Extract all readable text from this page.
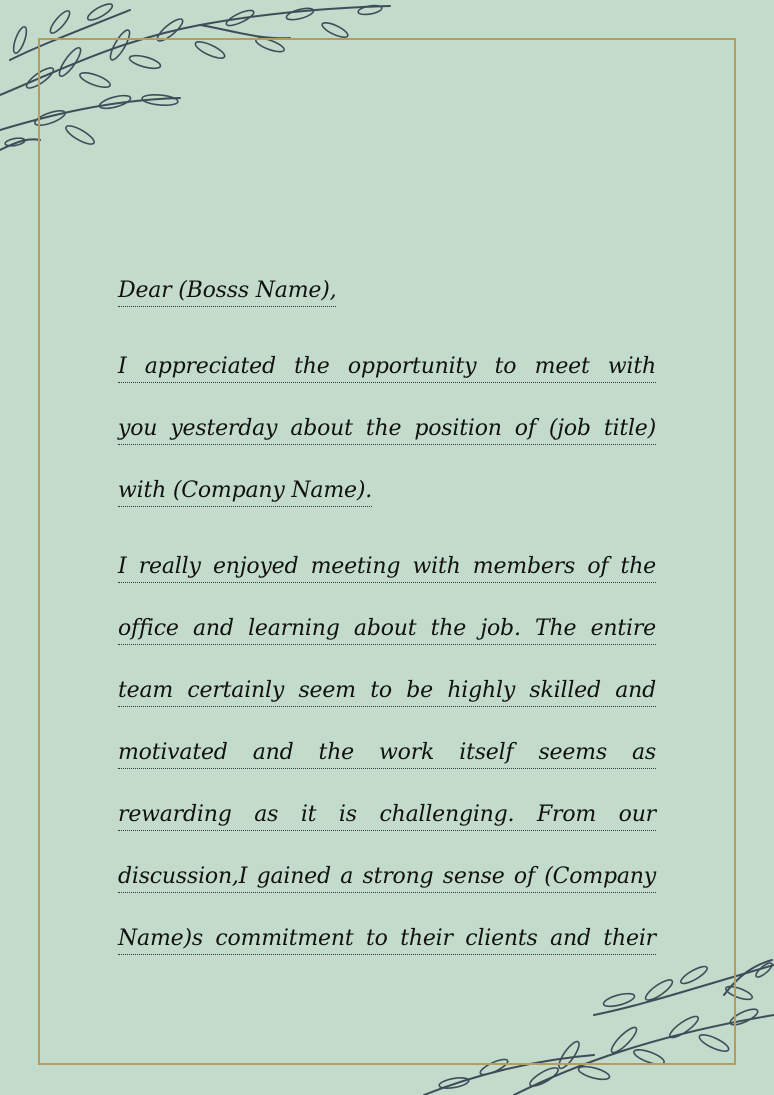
Dear (Bosss Name),
I appreciated the opportunity to meet with
you yesterday about the position of (job title)
with (Company Name).
I really enjoyed meeting with members of the
office and learning about the job. The entire
team certainly seem to be highly skilled and
motivated and the work itself seems as
rewarding as it is challenging. From our
discussion,I gained a strong sense of (Company
Name)s commitment to their clients and their
